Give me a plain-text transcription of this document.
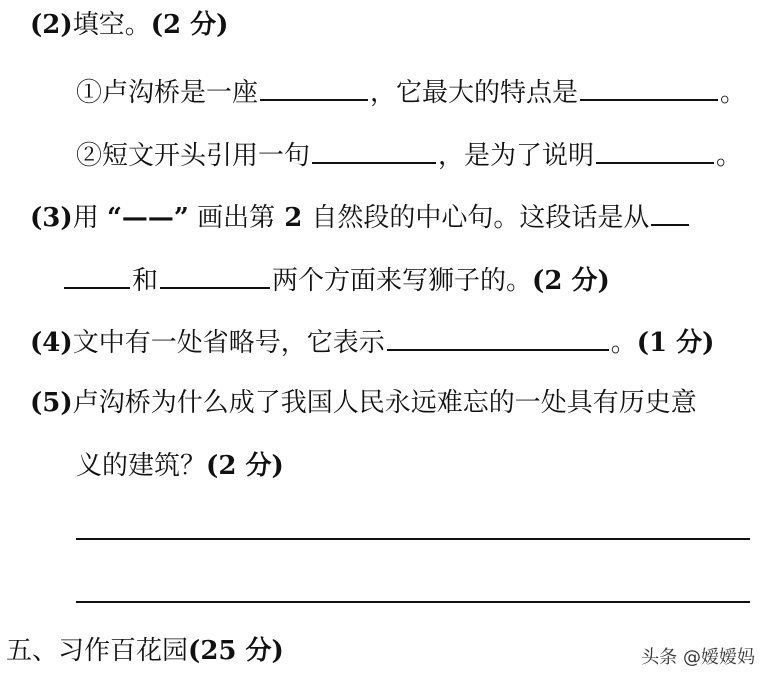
(2)填空。(2 分)
①卢沟桥是一座	，它最大的特点是	。
②短文开头引用一句	，是为了说明	。
(3)用 “——” 画出第 2 自然段的中心句。这段话是从
和	两个方面来写狮子的。(2 分)
(4)文中有一处省略号，它表示	。(1 分)
(5)卢沟桥为什么成了我国人民永远难忘的一处具有历史意
义的建筑？(2 分)
五、习作百花园(25 分)	头条 @嫒嫒妈
